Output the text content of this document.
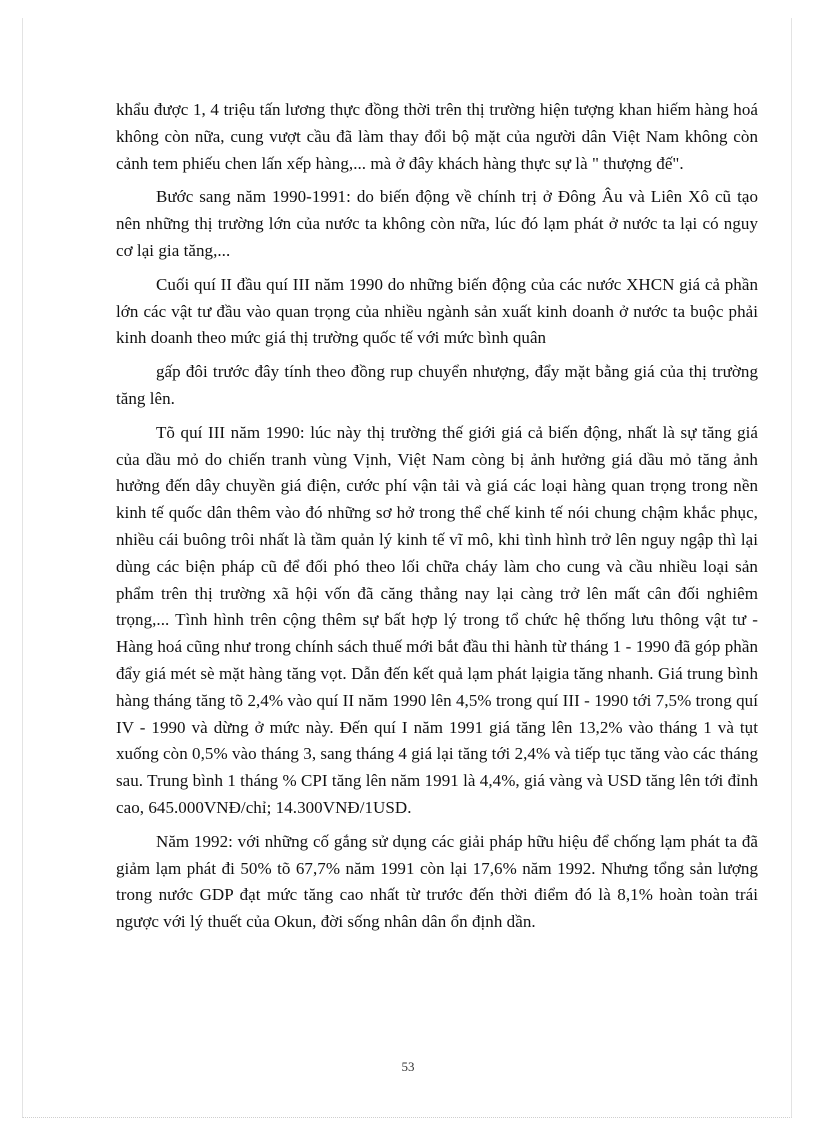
khẩu được 1, 4 triệu tấn lương thực đồng thời trên thị trường hiện tượng khan hiếm hàng hoá không còn nữa, cung vượt cầu đã làm thay đổi bộ mặt của người dân Việt Nam không còn cảnh tem phiếu chen lấn xếp hàng,... mà ở đây khách hàng thực sự là " thượng đế".

Bước sang năm 1990-1991: do biến động về chính trị ở Đông Âu và Liên Xô cũ tạo nên những thị trường lớn của nước ta không còn nữa, lúc đó lạm phát ở nước ta lại có nguy cơ lại gia tăng,...

Cuối quí II đầu quí III năm 1990 do những biến động của các nước XHCN giá cả phần lớn các vật tư đầu vào quan trọng của nhiều ngành sản xuất kinh doanh ở nước ta buộc phải kinh doanh theo mức giá thị trường quốc tế với mức bình quân

gấp đôi trước đây tính theo đồng rup chuyển nhượng, đẩy mặt bằng giá của thị trường tăng lên.

Tõ quí III năm 1990: lúc này thị trường thế giới giá cả biến động, nhất là sự tăng giá của dầu mỏ do chiến tranh vùng Vịnh, Việt Nam còng bị ảnh hưởng giá dầu mỏ tăng ảnh hưởng đến dây chuyền giá điện, cước phí vận tải và giá các loại hàng quan trọng trong nền kinh tế quốc dân thêm vào đó những sơ hở trong thể chế kinh tế nói chung chậm khắc phục, nhiều cái buông trôi nhất là tầm quản lý kinh tế vĩ mô, khi tình hình trở lên nguy ngập thì lại dùng các biện pháp cũ để đối phó theo lối chữa cháy làm cho cung và cầu nhiều loại sản phẩm trên thị trường xã hội vốn đã căng thẳng nay lại càng trở lên mất cân đối nghiêm trọng,... Tình hình trên cộng thêm sự bất hợp lý trong tổ chức hệ thống lưu thông vật tư - Hàng hoá cũng như trong chính sách thuế mới bắt đầu thi hành từ tháng 1 - 1990 đã góp phần đẩy giá mét sè mặt hàng tăng vọt. Dẫn đến kết quả lạm phát lạigia tăng nhanh. Giá trung bình hàng tháng tăng tõ 2,4% vào quí II năm 1990 lên 4,5% trong quí III - 1990 tới 7,5% trong quí IV - 1990 và dừng ở mức này. Đến quí I năm 1991 giá tăng lên 13,2% vào tháng 1 và tụt xuống còn 0,5% vào tháng 3, sang tháng 4 giá lại tăng tới 2,4% và tiếp tục tăng vào các tháng sau. Trung bình 1 tháng % CPI tăng lên năm 1991 là 4,4%, giá vàng và USD tăng lên tới đỉnh cao, 645.000VNĐ/chỉ; 14.300VNĐ/1USD.

Năm 1992: với những cố gắng sử dụng các giải pháp hữu hiệu để chống lạm phát ta đã giảm lạm phát đi 50% tõ 67,7% năm 1991 còn lại 17,6% năm 1992. Nhưng tổng sản lượng trong nước GDP đạt mức tăng cao nhất từ trước đến thời điểm đó là 8,1% hoàn toàn trái ngược với lý thuết của Okun, đời sống nhân dân ổn định dần.

53
